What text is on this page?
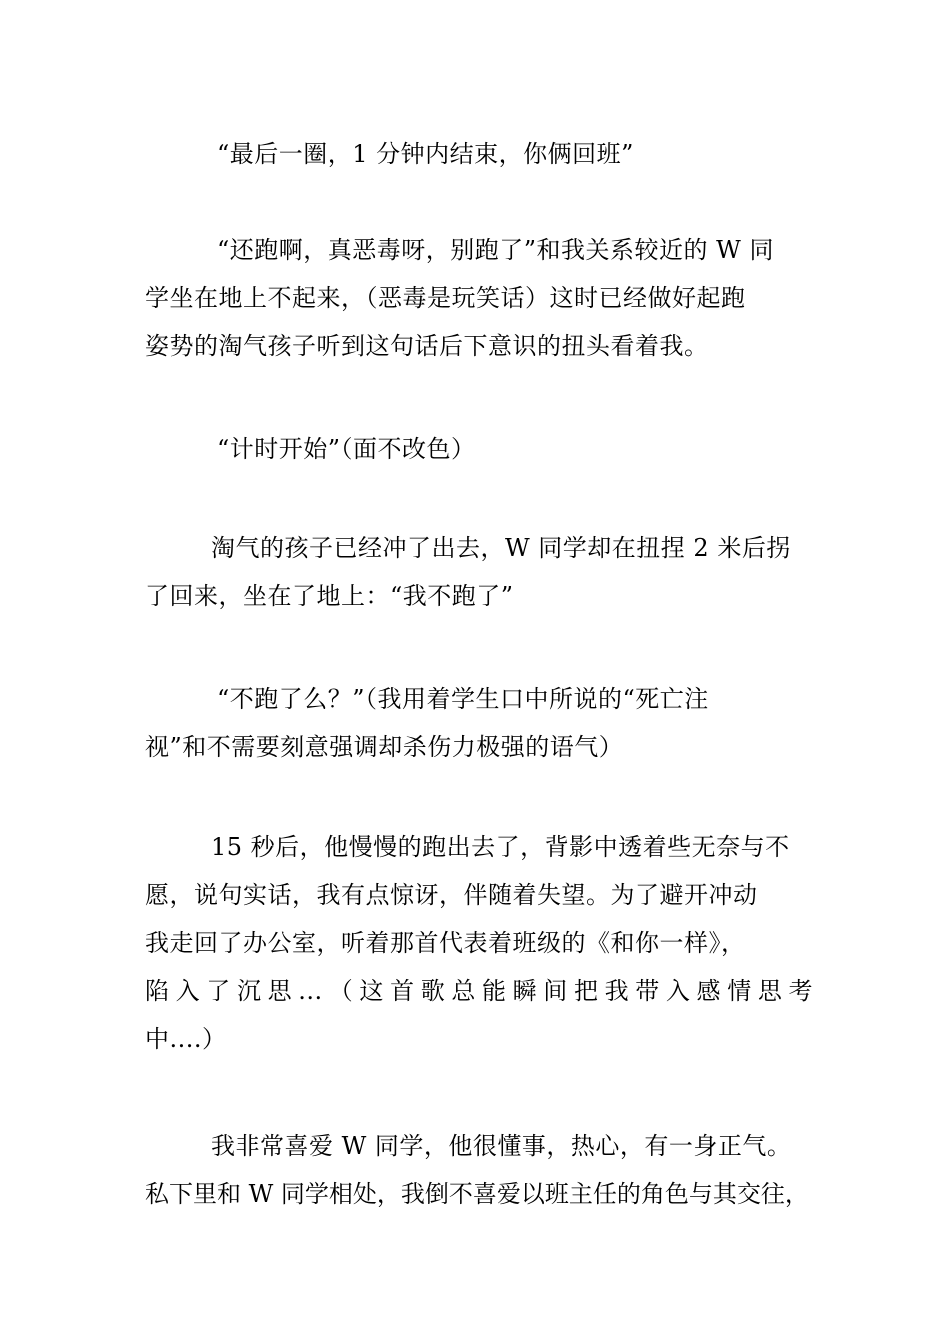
“最后一圈，1 分钟内结束，你俩回班”

“还跑啊，真恶毒呀，别跑了”和我关系较近的 W 同
学坐在地上不起来，（恶毒是玩笑话）这时已经做好起跑
姿势的淘气孩子听到这句话后下意识的扭头看着我。

“计时开始”（面不改色）

淘气的孩子已经冲了出去，W 同学却在扭捏 2 米后拐
了回来，坐在了地上：“我不跑了”

“不跑了么？”（我用着学生口中所说的“死亡注
视”和不需要刻意强调却杀伤力极强的语气）

15 秒后，他慢慢的跑出去了，背影中透着些无奈与不
愿，说句实话，我有点惊讶，伴随着失望。为了避开冲动
我走回了办公室，听着那首代表着班级的《和你一样》，
陷入了沉思...（这首歌总能瞬间把我带入感情思考
中....）

我非常喜爱 W 同学，他很懂事，热心，有一身正气。
私下里和 W 同学相处，我倒不喜爱以班主任的角色与其交往，
